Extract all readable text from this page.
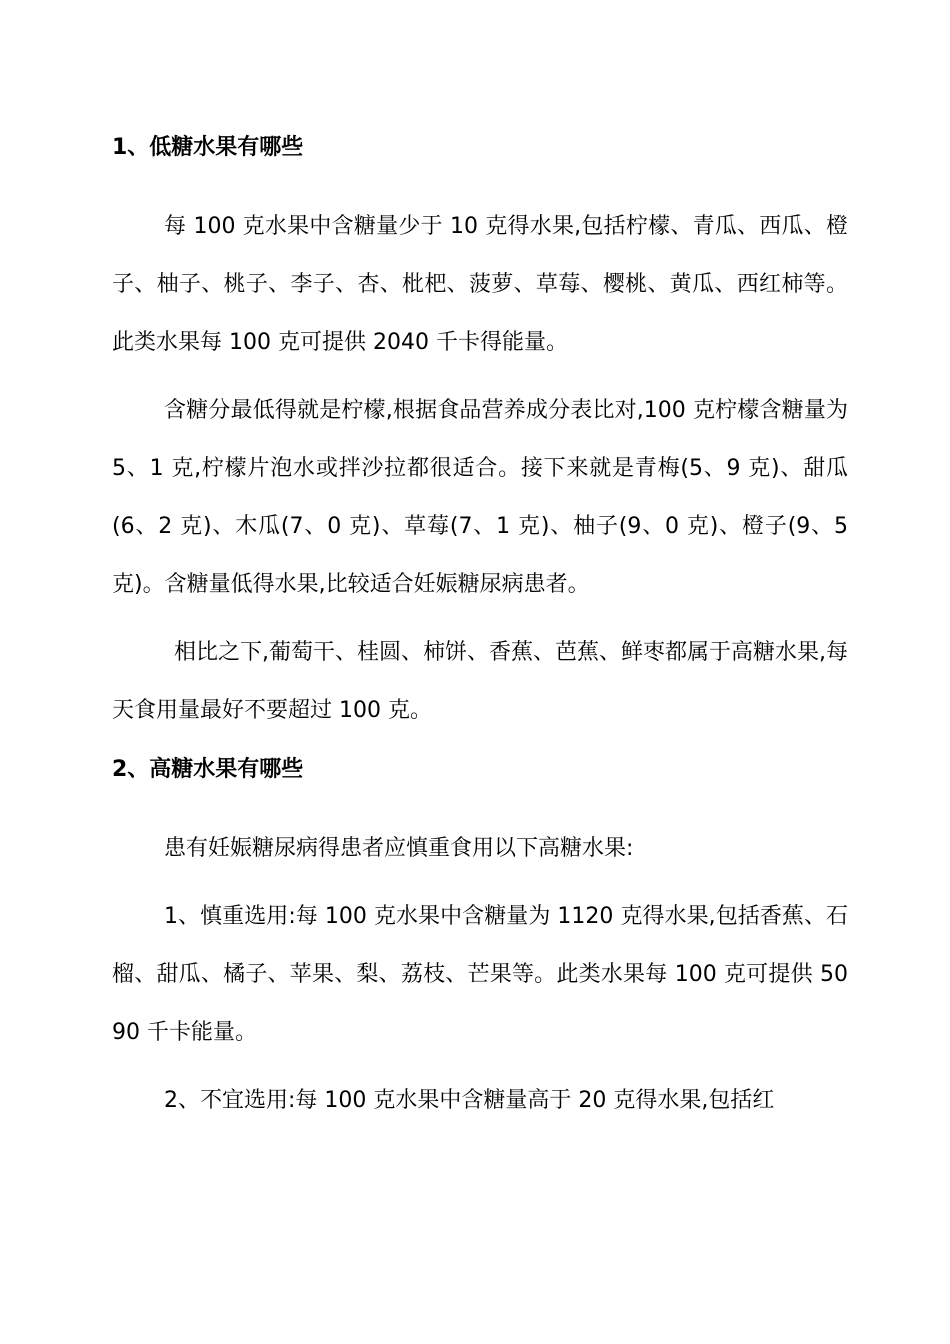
1、低糖水果有哪些

每 100 克水果中含糖量少于 10 克得水果,包括柠檬、青瓜、西瓜、橙子、柚子、桃子、李子、杏、枇杷、菠萝、草莓、樱桃、黄瓜、西红柿等。此类水果每 100 克可提供 2040 千卡得能量。

含糖分最低得就是柠檬,根据食品营养成分表比对,100 克柠檬含糖量为 5、1 克,柠檬片泡水或拌沙拉都很适合。接下来就是青梅(5、9 克)、甜瓜(6、2 克)、木瓜(7、0 克)、草莓(7、1 克)、柚子(9、0 克)、橙子(9、5 克)。含糖量低得水果,比较适合妊娠糖尿病患者。

相比之下,葡萄干、桂圆、柿饼、香蕉、芭蕉、鲜枣都属于高糖水果,每天食用量最好不要超过 100 克。

2、高糖水果有哪些

患有妊娠糖尿病得患者应慎重食用以下高糖水果:

1、慎重选用:每 100 克水果中含糖量为 1120 克得水果,包括香蕉、石榴、甜瓜、橘子、苹果、梨、荔枝、芒果等。此类水果每 100 克可提供 5090 千卡能量。

2、不宜选用:每 100 克水果中含糖量高于 20 克得水果,包括红
